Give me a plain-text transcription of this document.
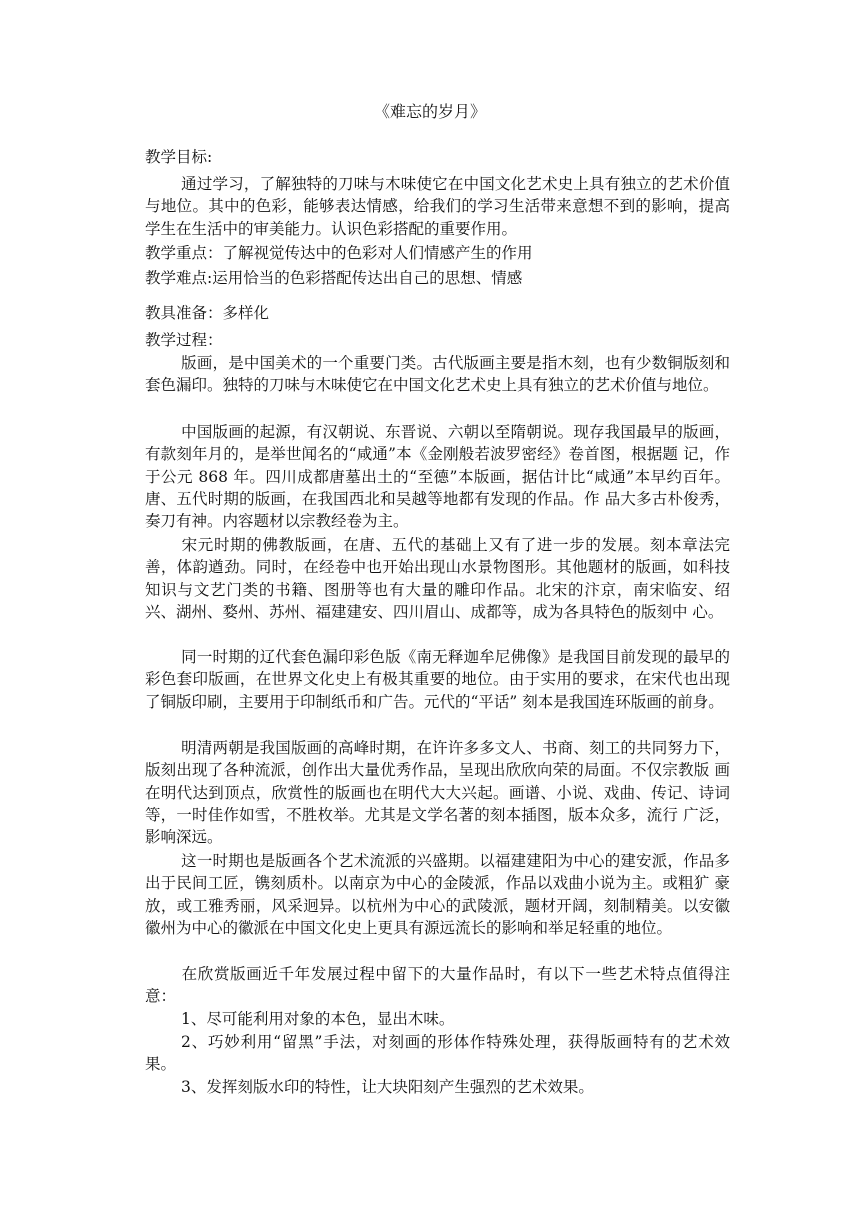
《难忘的岁月》
教学目标:
通过学习，了解独特的刀味与木味使它在中国文化艺术史上具有独立的艺术价值与地位。其中的色彩，能够表达情感，给我们的学习生活带来意想不到的影响，提高学生在生活中的审美能力。认识色彩搭配的重要作用。
教学重点：了解视觉传达中的色彩对人们情感产生的作用
教学难点:运用恰当的色彩搭配传达出自己的思想、情感
教具准备：多样化
教学过程：
版画，是中国美术的一个重要门类。古代版画主要是指木刻，也有少数铜版刻和套色漏印。独特的刀味与木味使它在中国文化艺术史上具有独立的艺术价值与地位。
中国版画的起源，有汉朝说、东晋说、六朝以至隋朝说。现存我国最早的版画，有款刻年月的，是举世闻名的“咸通”本《金刚般若波罗密经》卷首图，根据题 记，作于公元 868 年。四川成都唐墓出土的“至德”本版画，据估计比“咸通”本早约百年。 唐、五代时期的版画，在我国西北和吴越等地都有发现的作品。作 品大多古朴俊秀，奏刀有神。内容题材以宗教经卷为主。
宋元时期的佛教版画，在唐、五代的基础上又有了进一步的发展。刻本章法完善，体韵遒劲。同时，在经卷中也开始出现山水景物图形。其他题材的版画，如科技 知识与文艺门类的书籍、图册等也有大量的雕印作品。北宋的汴京，南宋临安、绍兴、湖州、婺州、苏州、福建建安、四川眉山、成都等，成为各具特色的版刻中 心。
同一时期的辽代套色漏印彩色版《南无释迦牟尼佛像》是我国目前发现的最早的彩色套印版画，在世界文化史上有极其重要的地位。由于实用的要求，在宋代也出现了铜版印刷，主要用于印制纸币和广告。元代的“平话” 刻本是我国连环版画的前身。
明清两朝是我国版画的高峰时期，在许许多多文人、书商、刻工的共同努力下，版刻出现了各种流派，创作出大量优秀作品，呈现出欣欣向荣的局面。不仅宗教版 画在明代达到顶点，欣赏性的版画也在明代大大兴起。画谱、小说、戏曲、传记、诗词等，一时佳作如雪，不胜枚举。尤其是文学名著的刻本插图，版本众多，流行 广泛，影响深远。
这一时期也是版画各个艺术流派的兴盛期。以福建建阳为中心的建安派，作品多出于民间工匠，镌刻质朴。以南京为中心的金陵派，作品以戏曲小说为主。或粗犷 豪放，或工雅秀丽，风采迥异。以杭州为中心的武陵派，题材开阔，刻制精美。以安徽徽州为中心的徽派在中国文化史上更具有源远流长的影响和举足轻重的地位。
在欣赏版画近千年发展过程中留下的大量作品时，有以下一些艺术特点值得注意：
1、尽可能利用对象的本色，显出木味。
2、巧妙利用“留黑”手法，对刻画的形体作特殊处理，获得版画特有的艺术效果。
3、发挥刻版水印的特性，让大块阳刻产生强烈的艺术效果。
